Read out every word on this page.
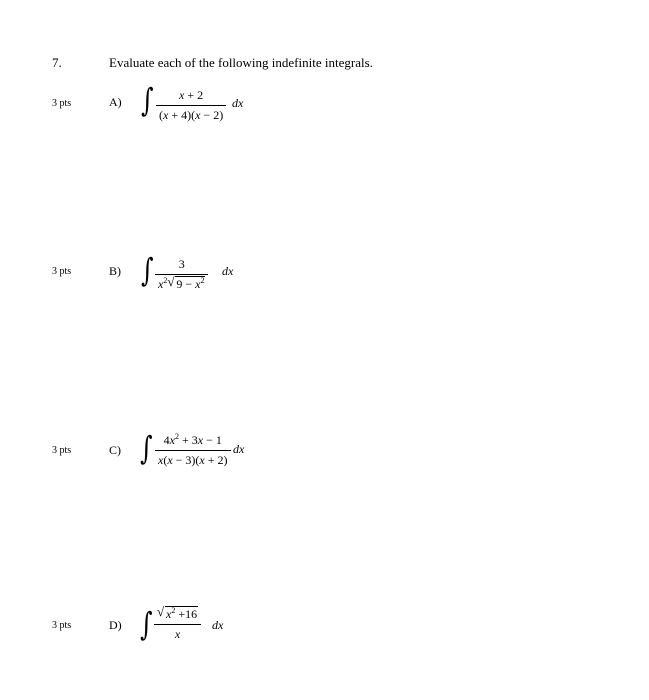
7.	Evaluate each of the following indefinite integrals.
3 pts	A) ∫	x + 2
(x + 4)(x − 2)
dx
3 pts	B) ∫	3
$x^2$ √ $9 - x^2$
dx
3 pts	C) ∫ $4x^2 + 3x - 1$
x(x − 3)(x + 2)
dx
3 pts	D) ∫ √ $x^2 +16$
x
dx
